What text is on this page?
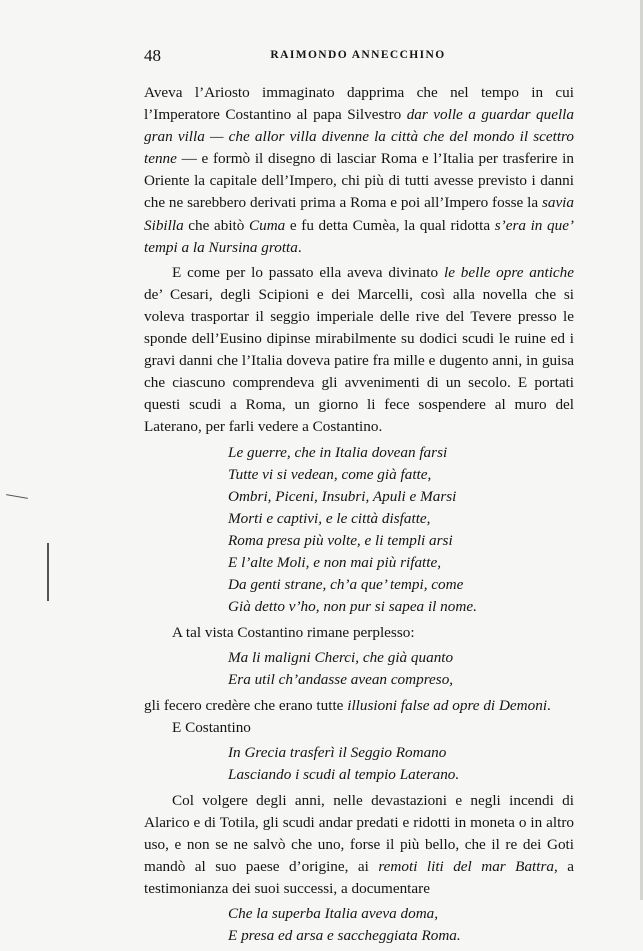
48	RAIMONDO ANNECCHINO

Aveva l’Ariosto immaginato dapprima che nel tempo in cui l’Imperatore Costantino al papa Silvestro dar volle a guardar quella gran villa — che allor villa divenne la città che del mondo il scettro tenne — e formò il disegno di lasciar Roma e l’Italia per trasferire in Oriente la capitale dell’Impero, chi più di tutti avesse previsto i danni che ne sarebbero derivati prima a Roma e poi all’Impero fosse la savia Sibilla che abitò Cuma e fu detta Cumèa, la qual ridotta s’era in que’ tempi a la Nursina grotta.

E come per lo passato ella aveva divinato le belle opre antiche de’ Cesari, degli Scipioni e dei Marcelli, così alla novella che si voleva trasportar il seggio imperiale delle rive del Tevere presso le sponde dell’Eusino dipinse mirabilmente su dodici scudi le ruine ed i gravi danni che l’Italia doveva patire fra mille e dugento anni, in guisa che ciascuno comprendeva gli avvenimenti di un secolo. E portati questi scudi a Roma, un giorno li fece sospendere al muro del Laterano, per farli vedere a Costantino.

Le guerre, che in Italia dovean farsi
Tutte vi si vedean, come già fatte,
Ombri, Piceni, Insubri, Apuli e Marsi
Morti e captivi, e le città disfatte,
Roma presa più volte, e li templi arsi
E l’alte Moli, e non mai più rifatte,
Da genti strane, ch’a que’ tempi, come
Già detto v’ho, non pur si sapea il nome.

A tal vista Costantino rimane perplesso:

Ma li maligni Cherci, che già quanto
Era util ch’andasse avean compreso,

gli fecero credère che erano tutte illusioni false ad opre di Demoni.

E Costantino

In Grecia trasferì il Seggio Romano
Lasciando i scudi al tempio Laterano.

Col volgere degli anni, nelle devastazioni e negli incendi di Alarico e di Totila, gli scudi andar predati e ridotti in moneta o in altro uso, e non se ne salvò che uno, forse il più bello, che il re dei Goti mandò al suo paese d’origine, ai remoti liti del mar Battra, a testimonianza dei suoi successi, a documentare

Che la superba Italia aveva doma,
E presa ed arsa e saccheggiata Roma.
